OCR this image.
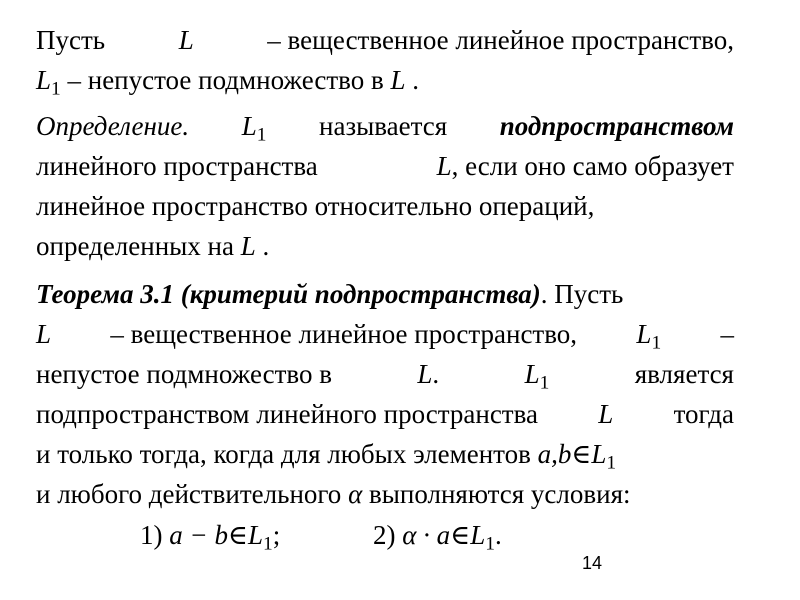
Пусть	L	– вещественное линейное пространство,
$L_1$ – непустое подмножество в L .
Определение. $L_1$ называется подпространством
линейного пространства	L, если оно само образует
линейное пространство относительно операций,
определенных на L .
Теорема 3.1 (критерий подпространства). Пусть
L – вещественное линейное пространство, $L_1$ –
непустое подмножество в	L.	$L_1$	является
подпространством линейного пространства L тогда
и только тогда, когда для любых элементов $a,b\in L_1$
и любого действительного α выполняются условия:
1) $a - b\in L_1$;	2) $\alpha \cdot a\in L_1$.
14
